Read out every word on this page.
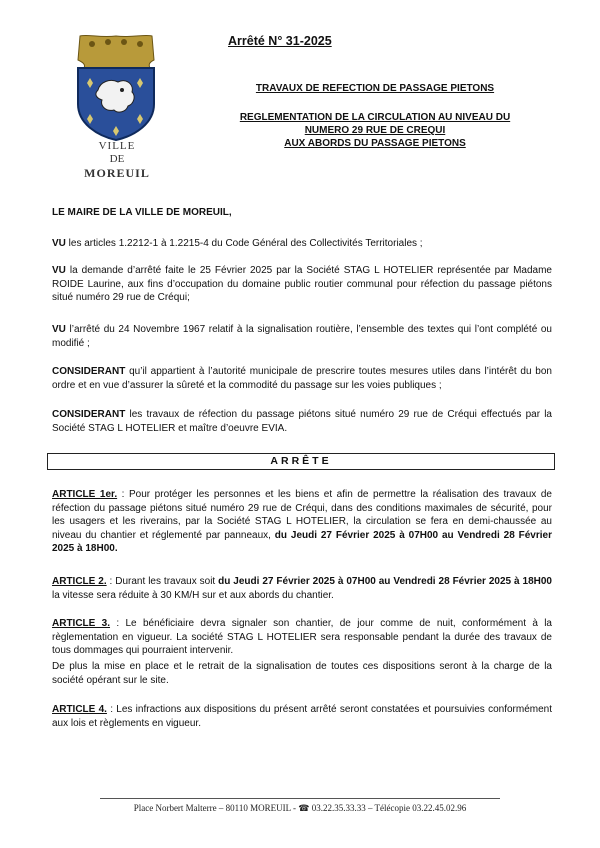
VILLE
DE
MOREUIL
Arrêté N° 31-2025
TRAVAUX DE REFECTION DE PASSAGE PIETONS
REGLEMENTATION DE LA CIRCULATION AU NIVEAU DU
NUMERO 29 RUE DE CREQUI
AUX ABORDS DU PASSAGE PIETONS
LE MAIRE DE LA VILLE DE MOREUIL,
VU les articles 1.2212-1 à 1.2215-4 du Code Général des Collectivités Territoriales ;
VU la demande d’arrêté faite le 25 Février 2025 par la Société STAG L HOTELIER représentée par Madame ROIDE Laurine, aux fins d’occupation du domaine public routier communal pour réfection du passage piétons situé numéro 29 rue de Créqui;
VU l’arrêté du 24 Novembre 1967 relatif à la signalisation routière, l’ensemble des textes qui l’ont complété ou modifié ;
CONSIDERANT qu’il appartient à l’autorité municipale de prescrire toutes mesures utiles dans l’intérêt du bon ordre et en vue d’assurer la sûreté et la commodité du passage sur les voies publiques ;
CONSIDERANT les travaux de réfection du passage piétons situé numéro 29 rue de Créqui effectués par la Société STAG L HOTELIER et maître d’oeuvre EVIA.
ARRÊTE
ARTICLE 1er. : Pour protéger les personnes et les biens et afin de permettre la réalisation des travaux de réfection du passage piétons situé numéro 29 rue de Créqui, dans des conditions maximales de sécurité, pour les usagers et les riverains, par la Société STAG L HOTELIER, la circulation se fera en demi-chaussée au niveau du chantier et réglementé par panneaux, du Jeudi 27 Février 2025 à 07H00 au Vendredi 28 Février 2025 à 18H00.
ARTICLE 2. : Durant les travaux soit du Jeudi 27 Février 2025 à 07H00 au Vendredi 28 Février 2025 à 18H00 la vitesse sera réduite à 30 KM/H sur et aux abords du chantier.
ARTICLE 3. : Le bénéficiaire devra signaler son chantier, de jour comme de nuit, conformément à la règlementation en vigueur. La société STAG L HOTELIER sera responsable pendant la durée des travaux de tous dommages qui pourraient intervenir.
De plus la mise en place et le retrait de la signalisation de toutes ces dispositions seront à la charge de la société opérant sur le site.
ARTICLE 4. : Les infractions aux dispositions du présent arrêté seront constatées et poursuivies conformément aux lois et règlements en vigueur.
Place Norbert Malterre – 80110 MOREUIL - ☎ 03.22.35.33.33 – Télécopie 03.22.45.02.96
